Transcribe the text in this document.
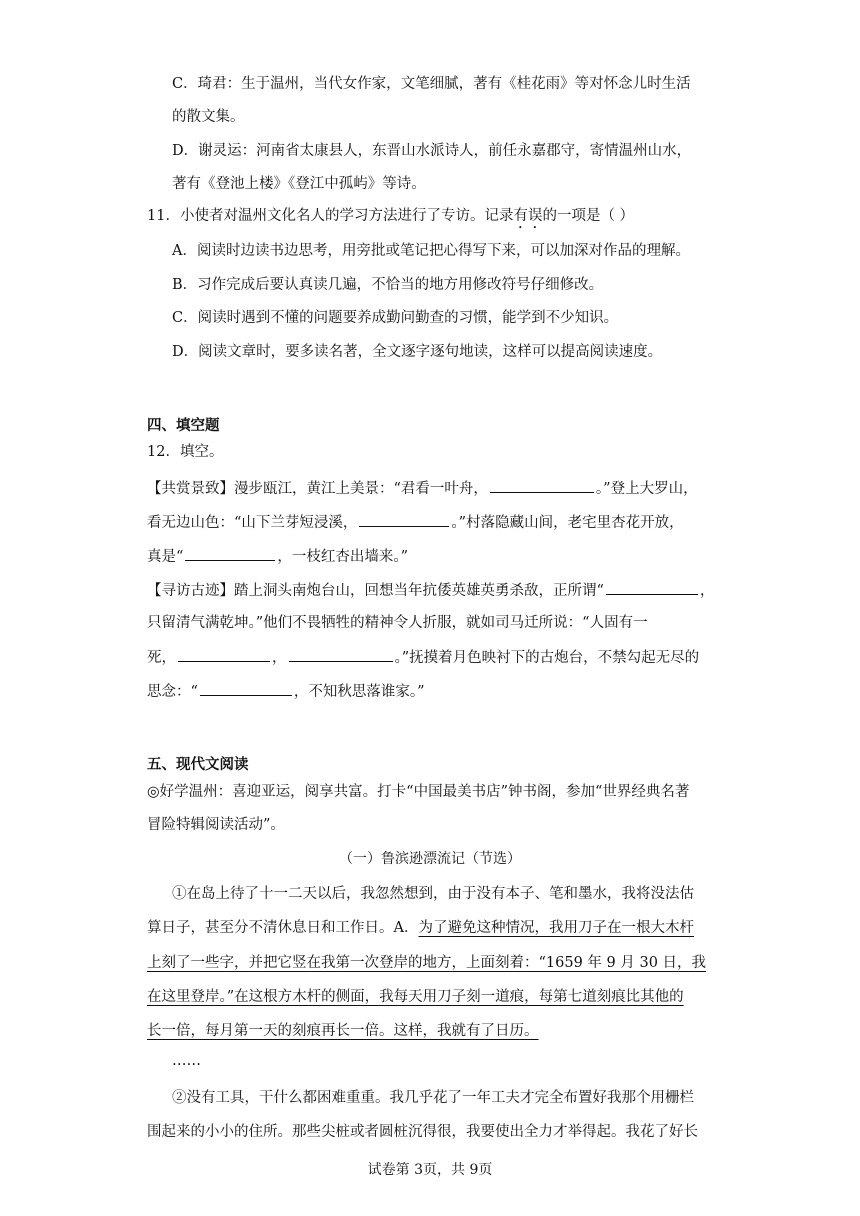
C．琦君：生于温州，当代女作家，文笔细腻，著有《桂花雨》等对怀念儿时生活
的散文集。
D．谢灵运：河南省太康县人，东晋山水派诗人，前任永嘉郡守，寄情温州山水，
著有《登池上楼》《登江中孤屿》等诗。
11．小使者对温州文化名人的学习方法进行了专访。记录有误的一项是（ ）
A．阅读时边读书边思考，用旁批或笔记把心得写下来，可以加深对作品的理解。
B．习作完成后要认真读几遍，不恰当的地方用修改符号仔细修改。
C．阅读时遇到不懂的问题要养成勤问勤查的习惯，能学到不少知识。
D．阅读文章时，要多读名著，全文逐字逐句地读，这样可以提高阅读速度。
四、填空题
12．填空。
【共赏景致】漫步瓯江，黄江上美景：“君看一叶舟，	。”登上大罗山，
看无边山色：“山下兰芽短浸溪，	。”村落隐藏山间，老宅里杏花开放，
真是“	，一枝红杏出墙来。”
【寻访古迹】踏上洞头南炮台山，回想当年抗倭英雄英勇杀敌，正所谓“	，
只留清气满乾坤。”他们不畏牺牲的精神令人折服，就如司马迁所说：“人固有一
死，	，	。”抚摸着月色映衬下的古炮台，不禁勾起无尽的
思念：“	，不知秋思落谁家。”
五、现代文阅读
◎好学温州：喜迎亚运，阅享共富。打卡“中国最美书店”钟书阁，参加“世界经典名著
冒险特辑阅读活动”。
（一）鲁滨逊漂流记（节选）
①在岛上待了十一二天以后，我忽然想到，由于没有本子、笔和墨水，我将没法估
算日子，甚至分不清休息日和工作日。A．为了避免这种情况，我用刀子在一根大木杆
上刻了一些字，并把它竖在我第一次登岸的地方，上面刻着：“1659 年 9 月 30 日，我
在这里登岸。”在这根方木杆的侧面，我每天用刀子刻一道痕，每第七道刻痕比其他的
长一倍，每月第一天的刻痕再长一倍。这样，我就有了日历。
……
②没有工具，干什么都困难重重。我几乎花了一年工夫才完全布置好我那个用栅栏
围起来的小小的住所。那些尖桩或者圆桩沉得很，我要使出全力才举得起。我花了好长
试卷第 3页，共 9页
